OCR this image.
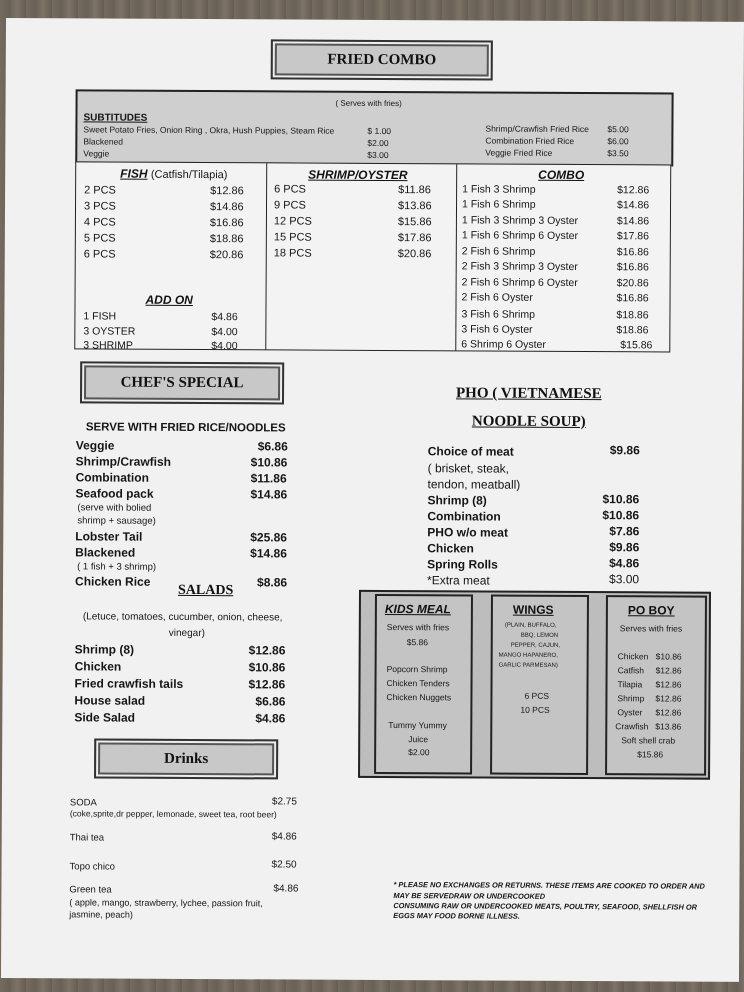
FRIED COMBO
( Serves with fries)
SUBTITUDES
Sweet Potato Fries, Onion Ring , Okra, Hush Puppies, Steam Rice	$ 1.00
Blackened	$2.00
Veggie	$3.00
Shrimp/Crawfish Fried Rice $5.00
Combination Fried Rice	$6.00
Veggie Fried Rice	$3.50
FISH (Catfish/Tilapia)
2 PCS	$12.86
3 PCS	$14.86
4 PCS	$16.86
5 PCS	$18.86
6 PCS	$20.86
ADD ON
1 FISH	$4.86
3 OYSTER	$4.00
3 SHRIMP	$4.00
SHRIMP/OYSTER
6 PCS	$11.86
9 PCS	$13.86
12 PCS	$15.86
15 PCS	$17.86
18 PCS	$20.86
COMBO
1 Fish 3 Shrimp	$12.86
1 Fish 6 Shrimp	$14.86
1 Fish 3 Shrimp 3 Oyster	$14.86
1 Fish 6 Shrimp 6 Oyster	$17.86
2 Fish 6 Shrimp	$16.86
2 Fish 3 Shrimp 3 Oyster	$16.86
2 Fish 6 Shrimp 6 Oyster	$20.86
2 Fish 6 Oyster	$16.86
3 Fish 6 Shrimp	$18.86
3 Fish 6 Oyster	$18.86
6 Shrimp 6 Oyster	$15.86
CHEF'S SPECIAL
SERVE WITH FRIED RICE/NOODLES
Veggie	$6.86
Shrimp/Crawfish	$10.86
Combination	$11.86
Seafood pack	$14.86
(serve with bolied
shrimp + sausage)
Lobster Tail	$25.86
Blackened	$14.86
( 1 fish + 3 shrimp)
Chicken Rice	$8.86
SALADS
(Letuce, tomatoes, cucumber, onion, cheese,
vinegar)
Shrimp (8)	$12.86
Chicken	$10.86
Fried crawfish tails	$12.86
House salad	$6.86
Side Salad	$4.86
Drinks
SODA	$2.75
(coke,sprite,dr pepper, lemonade, sweet tea, root beer)
Thai tea	$4.86
Topo chico	$2.50
Green tea	$4.86
( apple, mango, strawberry, lychee, passion fruit,
jasmine, peach)
PHO ( VIETNAMESE
NOODLE SOUP)
Choice of meat	$9.86
( brisket, steak,
tendon, meatball)
Shrimp (8)	$10.86
Combination	$10.86
PHO w/o meat	$7.86
Chicken	$9.86
Spring Rolls	$4.86
*Extra meat	$3.00
KIDS MEAL
Serves with fries
$5.86
Popcorn Shrimp
Chicken Tenders
Chicken Nuggets
Tummy Yummy
Juice
$2.00
WINGS
(PLAIN, BUFFALO,
BBQ, LEMON
PEPPER, CAJUN,
MANGO HAPANERO,
GARLIC PARMESAN)
6 PCS
10 PCS
PO BOY
Serves with fries
Chicken $10.86
Catfish $12.86
Tilapia $12.86
Shrimp $12.86
Oyster $12.86
Crawfish $13.86
Soft shell crab
$15.86
* PLEASE NO EXCHANGES OR RETURNS. THESE ITEMS ARE COOKED TO ORDER AND
MAY BE SERVEDRAW OR UNDERCOOKED
CONSUMING RAW OR UNDERCOOKED MEATS, POULTRY, SEAFOOD, SHELLFISH OR
EGGS MAY FOOD BORNE ILLNESS.
